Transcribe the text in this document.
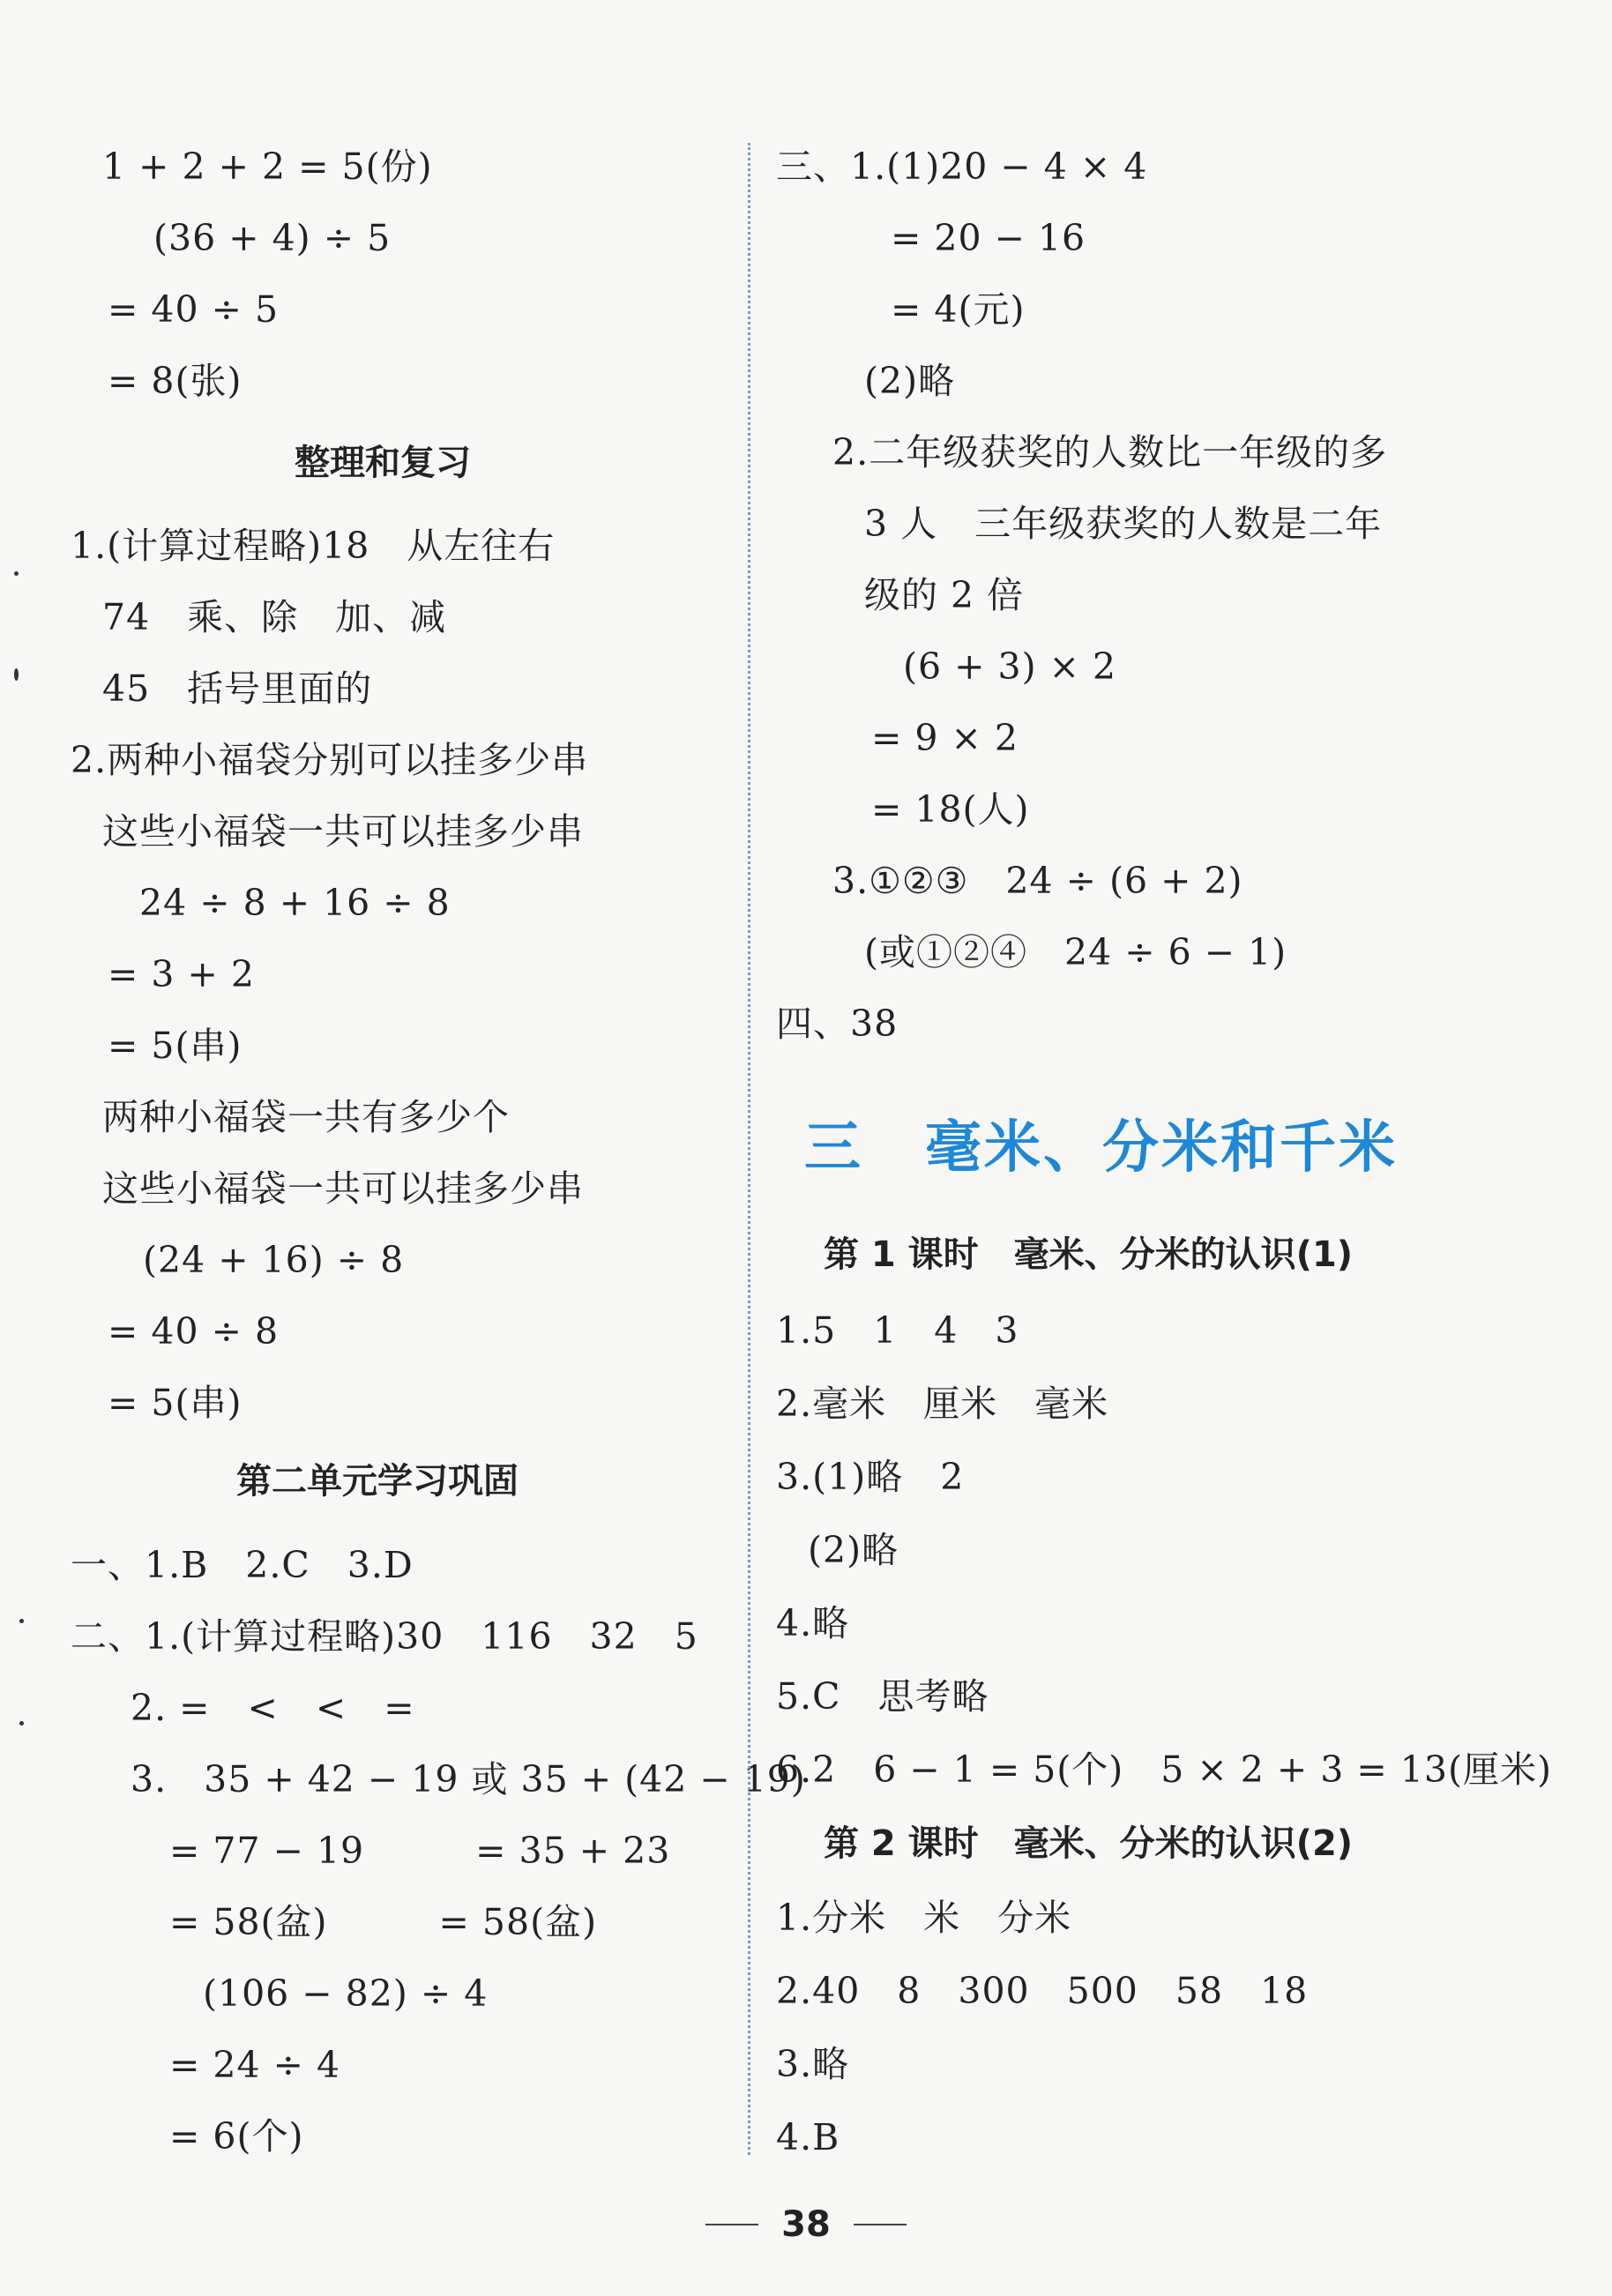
1 + 2 + 2 = 5(份)
(36 + 4) ÷ 5
= 40 ÷ 5
= 8(张)
整理和复习
1.(计算过程略)18　从左往右
74　乘、除　加、减
45　括号里面的
2.两种小福袋分别可以挂多少串
这些小福袋一共可以挂多少串
24 ÷ 8 + 16 ÷ 8
= 3 + 2
= 5(串)
两种小福袋一共有多少个
这些小福袋一共可以挂多少串
(24 + 16) ÷ 8
= 40 ÷ 8
= 5(串)
第二单元学习巩固
一、1.B　2.C　3.D
二、1.(计算过程略)30　116　32　5
2. =　<　<　=
3.　35 + 42 − 19 或 35 + (42 − 19)
= 77 − 19　　　= 35 + 23
= 58(盆)　　　= 58(盆)
(106 − 82) ÷ 4
= 24 ÷ 4
= 6(个)
三、1.(1)20 − 4 × 4
= 20 − 16
= 4(元)
(2)略
2.二年级获奖的人数比一年级的多
3 人　三年级获奖的人数是二年
级的 2 倍
(6 + 3) × 2
= 9 × 2
= 18(人)
3.①②③　24 ÷ (6 + 2)
(或①②④　24 ÷ 6 − 1)
四、38
三 毫米、分米和千米
第 1 课时　毫米、分米的认识(1)
1.5　1　4　3
2.毫米　厘米　毫米
3.(1)略　2
(2)略
4.略
5.C　思考略
6.2　6 − 1 = 5(个)　5 × 2 + 3 = 13(厘米)
第 2 课时　毫米、分米的认识(2)
1.分米　米　分米
2.40　8　300　500　58　18
3.略
4.B
38
